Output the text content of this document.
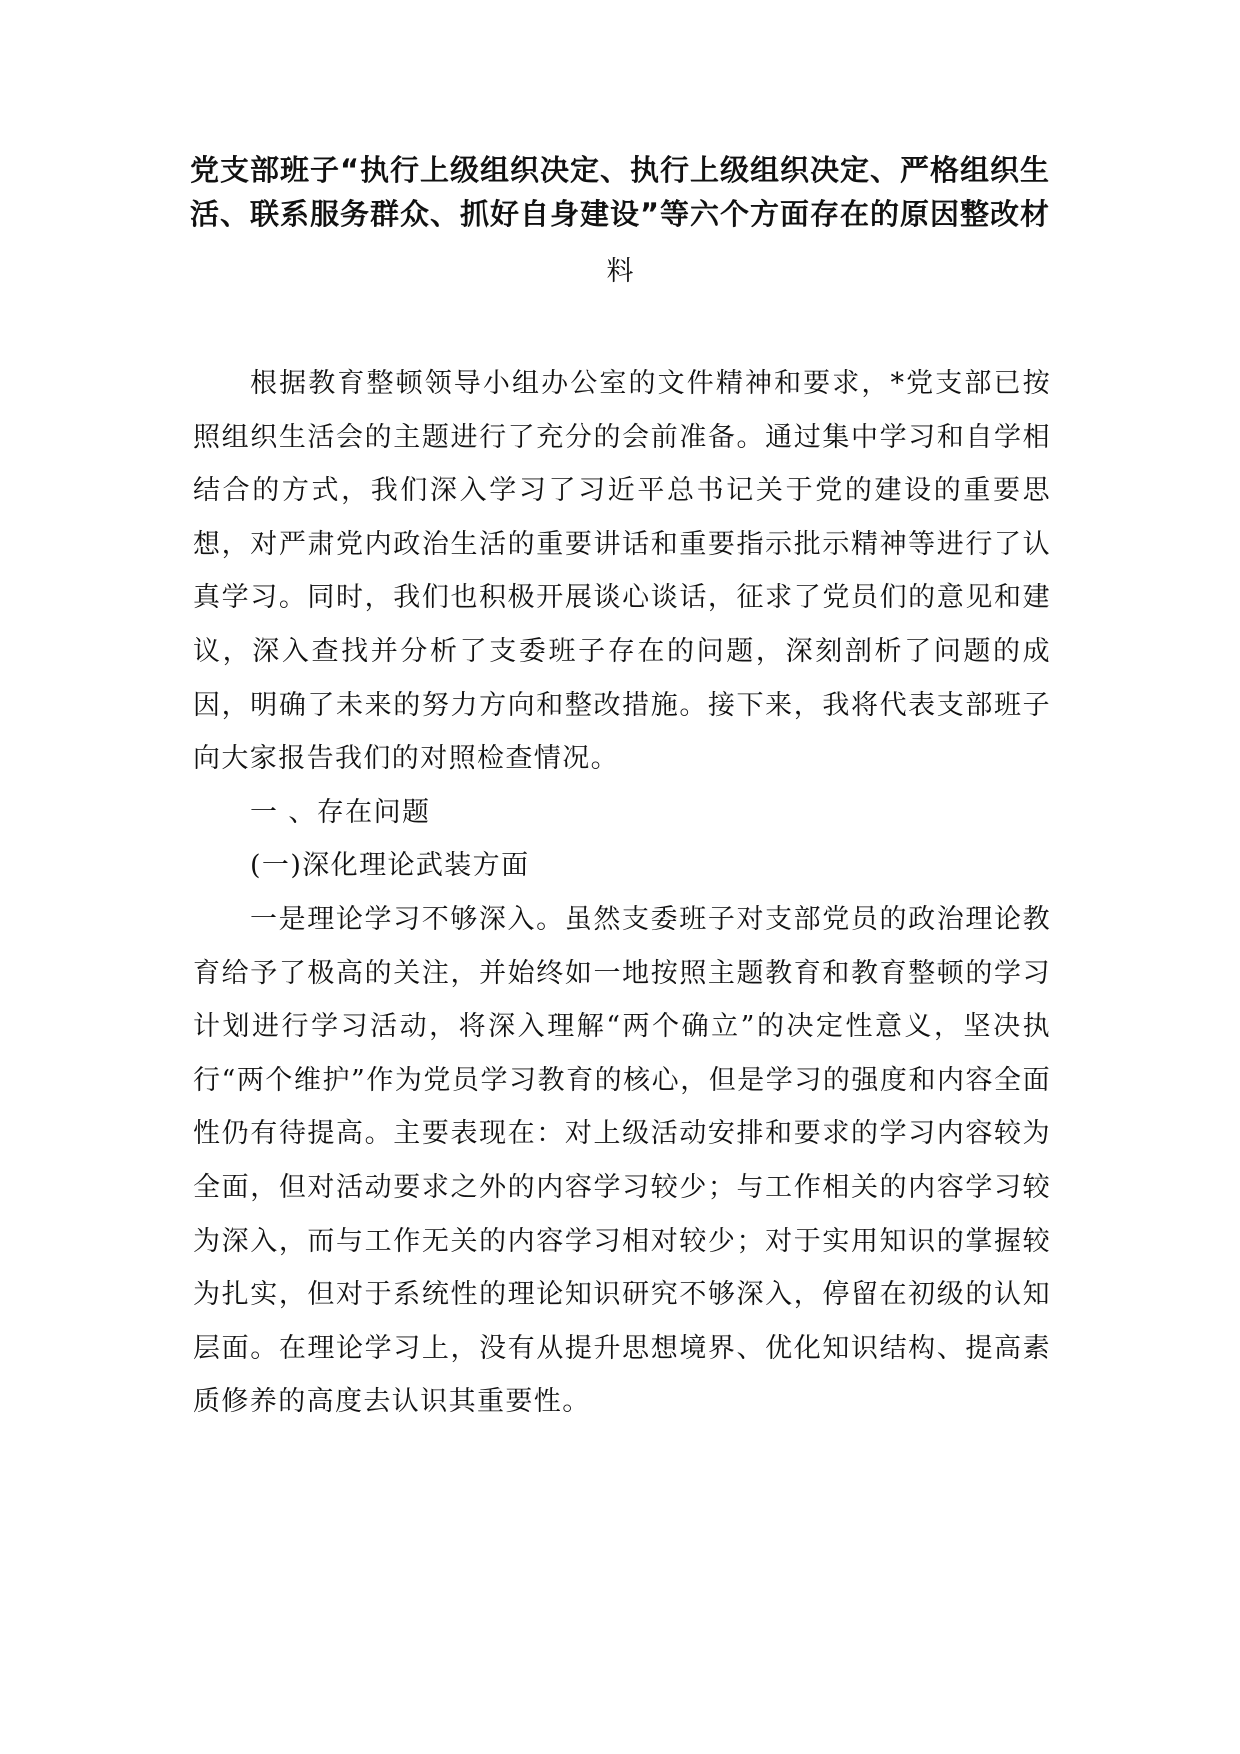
党支部班子“执行上级组织决定、执行上级组织决定、严格组织生
活、联系服务群众、抓好自身建设”等六个方面存在的原因整改材
料

根据教育整顿领导小组办公室的文件精神和要求，*党支部已按照组织生活会的主题进行了充分的会前准备。通过集中学习和自学相结合的方式，我们深入学习了习近平总书记关于党的建设的重要思想，对严肃党内政治生活的重要讲话和重要指示批示精神等进行了认真学习。同时，我们也积极开展谈心谈话，征求了党员们的意见和建议，深入查找并分析了支委班子存在的问题，深刻剖析了问题的成因，明确了未来的努力方向和整改措施。接下来，我将代表支部班子向大家报告我们的对照检查情况。

一 、存在问题

(一)深化理论武装方面

一是理论学习不够深入。虽然支委班子对支部党员的政治理论教育给予了极高的关注，并始终如一地按照主题教育和教育整顿的学习计划进行学习活动，将深入理解“两个确立”的决定性意义，坚决执行“两个维护”作为党员学习教育的核心，但是学习的强度和内容全面性仍有待提高。主要表现在：对上级活动安排和要求的学习内容较为全面，但对活动要求之外的内容学习较少；与工作相关的内容学习较为深入，而与工作无关的内容学习相对较少；对于实用知识的掌握较为扎实，但对于系统性的理论知识研究不够深入，停留在初级的认知层面。在理论学习上，没有从提升思想境界、优化知识结构、提高素质修养的高度去认识其重要性。
